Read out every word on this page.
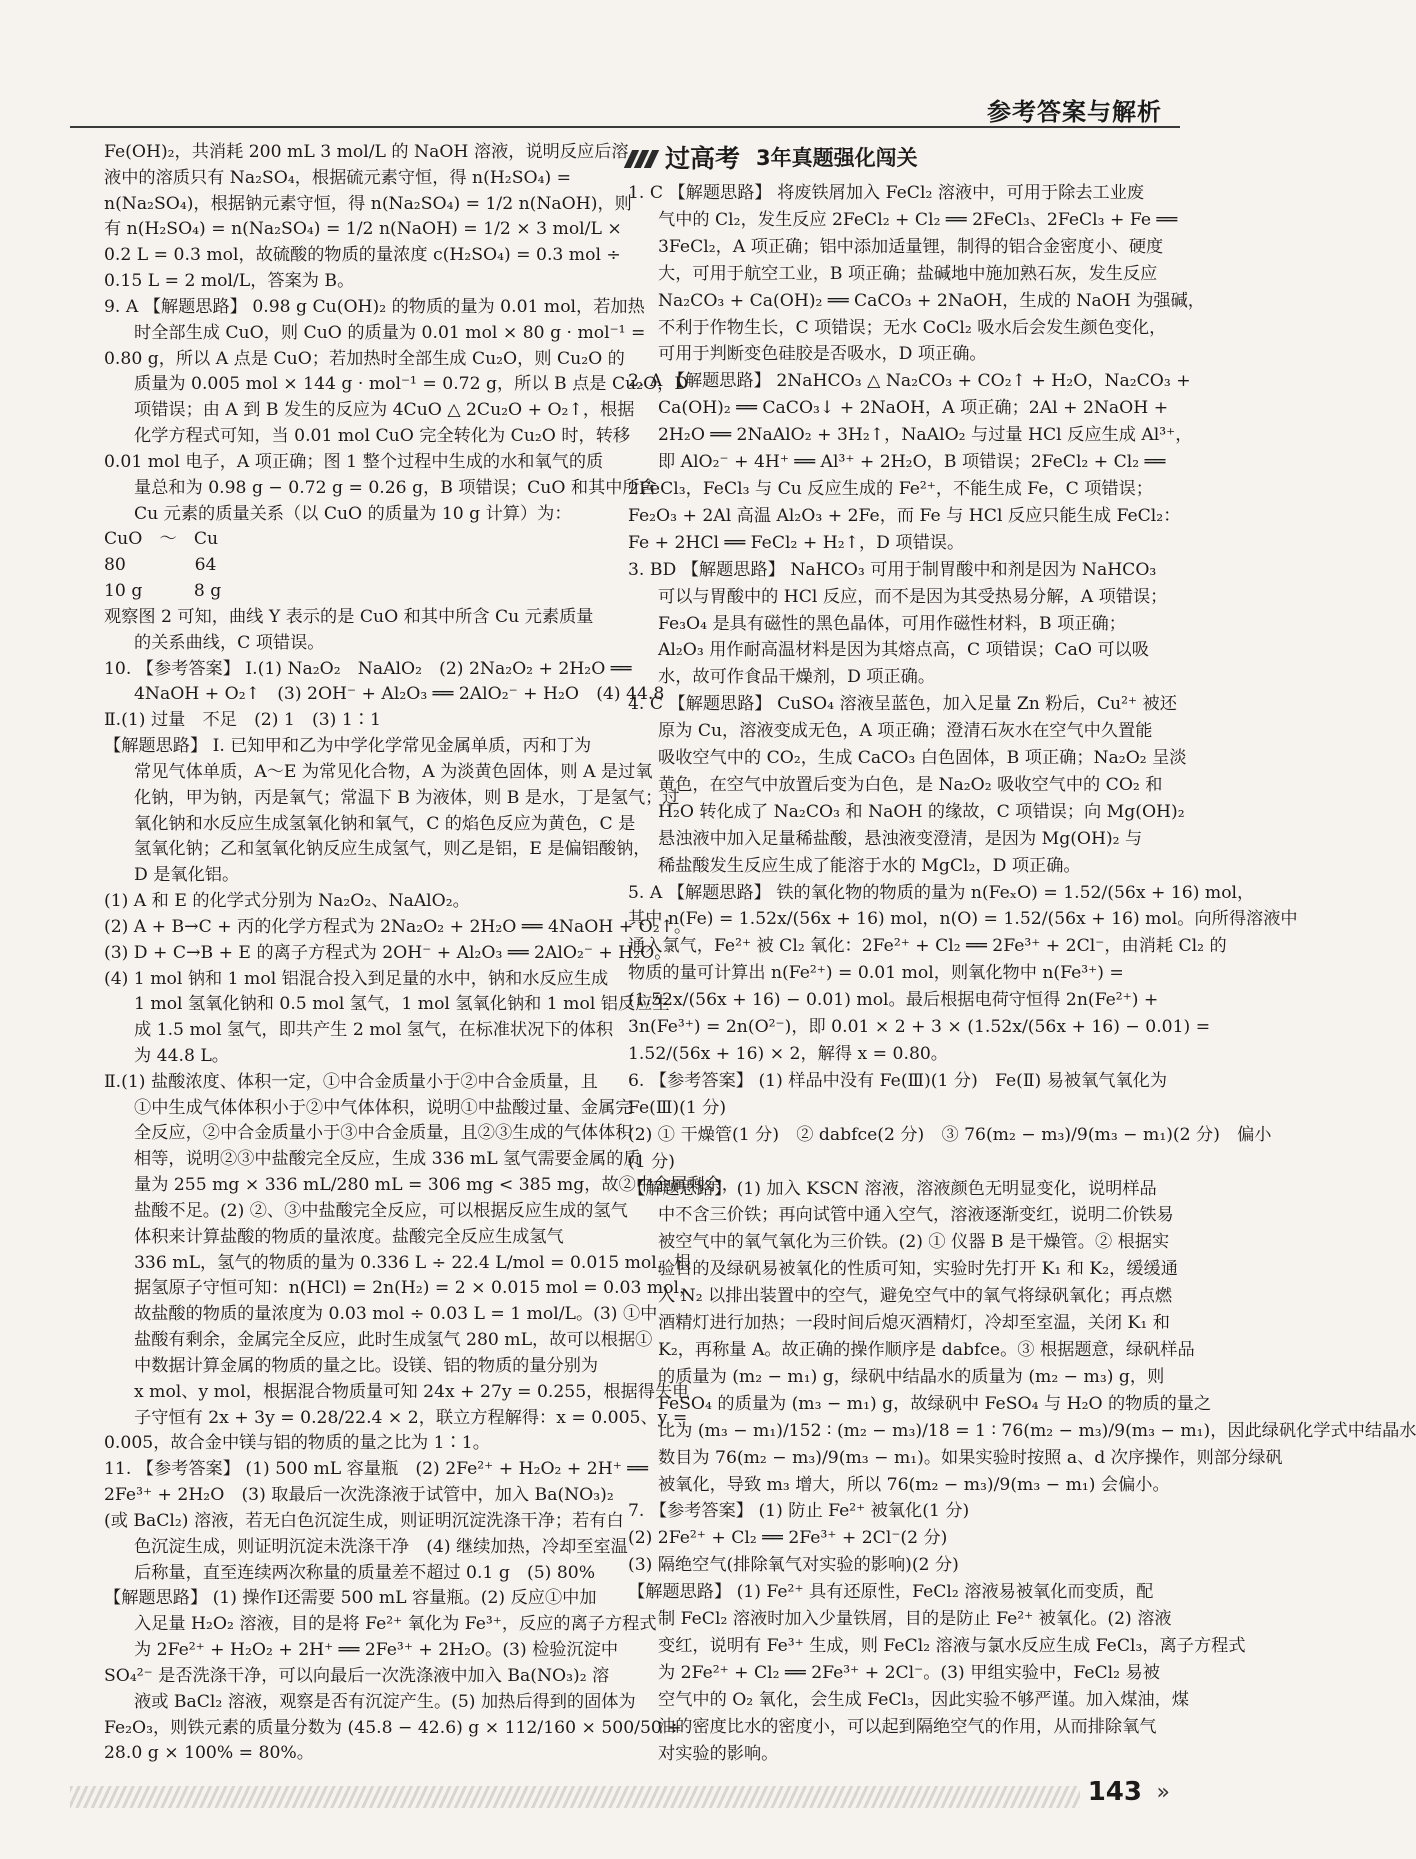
参考答案与解析
Fe(OH)₂，共消耗 200 mL 3 mol/L 的 NaOH 溶液，说明反应后溶
液中的溶质只有 Na₂SO₄，根据硫元素守恒，得 n(H₂SO₄) =
n(Na₂SO₄)，根据钠元素守恒，得 n(Na₂SO₄) = 1/2 n(NaOH)，则
有 n(H₂SO₄) = n(Na₂SO₄) = 1/2 n(NaOH) = 1/2 × 3 mol/L ×
0.2 L = 0.3 mol，故硫酸的物质的量浓度 c(H₂SO₄) = 0.3 mol ÷
0.15 L = 2 mol/L，答案为 B。
9. A 【解题思路】 0.98 g Cu(OH)₂ 的物质的量为 0.01 mol，若加热
时全部生成 CuO，则 CuO 的质量为 0.01 mol × 80 g · mol⁻¹ =
0.80 g，所以 A 点是 CuO；若加热时全部生成 Cu₂O，则 Cu₂O 的
质量为 0.005 mol × 144 g · mol⁻¹ = 0.72 g，所以 B 点是 Cu₂O，D
项错误；由 A 到 B 发生的反应为 4CuO △ 2Cu₂O + O₂↑，根据
化学方程式可知，当 0.01 mol CuO 完全转化为 Cu₂O 时，转移
0.01 mol 电子，A 项正确；图 1 整个过程中生成的水和氧气的质
量总和为 0.98 g − 0.72 g = 0.26 g，B 项错误；CuO 和其中所含
Cu 元素的质量关系（以 CuO 的质量为 10 g 计算）为：
CuO　～　Cu
80　　　　64
10 g　　　8 g
观察图 2 可知，曲线 Y 表示的是 CuO 和其中所含 Cu 元素质量
的关系曲线，C 项错误。
10. 【参考答案】 Ⅰ.(1) Na₂O₂　NaAlO₂　(2) 2Na₂O₂ + 2H₂O ══
4NaOH + O₂↑　(3) 2OH⁻ + Al₂O₃ ══ 2AlO₂⁻ + H₂O　(4) 44.8
Ⅱ.(1) 过量　不足　(2) 1　(3) 1∶1
【解题思路】 Ⅰ. 已知甲和乙为中学化学常见金属单质，丙和丁为
常见气体单质，A～E 为常见化合物，A 为淡黄色固体，则 A 是过氧
化钠，甲为钠，丙是氧气；常温下 B 为液体，则 B 是水，丁是氢气；过
氧化钠和水反应生成氢氧化钠和氧气，C 的焰色反应为黄色，C 是
氢氧化钠；乙和氢氧化钠反应生成氢气，则乙是铝，E 是偏铝酸钠，
D 是氧化铝。
(1) A 和 E 的化学式分别为 Na₂O₂、NaAlO₂。
(2) A + B→C + 丙的化学方程式为 2Na₂O₂ + 2H₂O ══ 4NaOH + O₂↑。
(3) D + C→B + E 的离子方程式为 2OH⁻ + Al₂O₃ ══ 2AlO₂⁻ + H₂O。
(4) 1 mol 钠和 1 mol 铝混合投入到足量的水中，钠和水反应生成
1 mol 氢氧化钠和 0.5 mol 氢气，1 mol 氢氧化钠和 1 mol 铝反应生
成 1.5 mol 氢气，即共产生 2 mol 氢气，在标准状况下的体积
为 44.8 L。
Ⅱ.(1) 盐酸浓度、体积一定，①中合金质量小于②中合金质量，且
①中生成气体体积小于②中气体体积，说明①中盐酸过量、金属完
全反应，②中合金质量小于③中合金质量，且②③生成的气体体积
相等，说明②③中盐酸完全反应，生成 336 mL 氢气需要金属的质
量为 255 mg × 336 mL/280 mL = 306 mg < 385 mg，故②中金属剩余，
盐酸不足。(2) ②、③中盐酸完全反应，可以根据反应生成的氢气
体积来计算盐酸的物质的量浓度。盐酸完全反应生成氢气
336 mL，氢气的物质的量为 0.336 L ÷ 22.4 L/mol = 0.015 mol，根
据氢原子守恒可知：n(HCl) = 2n(H₂) = 2 × 0.015 mol = 0.03 mol，
故盐酸的物质的量浓度为 0.03 mol ÷ 0.03 L = 1 mol/L。(3) ①中
盐酸有剩余，金属完全反应，此时生成氢气 280 mL，故可以根据①
中数据计算金属的物质的量之比。设镁、铝的物质的量分别为
x mol、y mol，根据混合物质量可知 24x + 27y = 0.255，根据得失电
子守恒有 2x + 3y = 0.28/22.4 × 2，联立方程解得：x = 0.005、y =
0.005，故合金中镁与铝的物质的量之比为 1∶1。
11. 【参考答案】 (1) 500 mL 容量瓶　(2) 2Fe²⁺ + H₂O₂ + 2H⁺ ══
2Fe³⁺ + 2H₂O　(3) 取最后一次洗涤液于试管中，加入 Ba(NO₃)₂
(或 BaCl₂) 溶液，若无白色沉淀生成，则证明沉淀洗涤干净；若有白
色沉淀生成，则证明沉淀未洗涤干净　(4) 继续加热，冷却至室温
后称量，直至连续两次称量的质量差不超过 0.1 g　(5) 80%
【解题思路】 (1) 操作Ⅰ还需要 500 mL 容量瓶。(2) 反应①中加
入足量 H₂O₂ 溶液，目的是将 Fe²⁺ 氧化为 Fe³⁺，反应的离子方程式
为 2Fe²⁺ + H₂O₂ + 2H⁺ ══ 2Fe³⁺ + 2H₂O。(3) 检验沉淀中
SO₄²⁻ 是否洗涤干净，可以向最后一次洗涤液中加入 Ba(NO₃)₂ 溶
液或 BaCl₂ 溶液，观察是否有沉淀产生。(5) 加热后得到的固体为
Fe₂O₃，则铁元素的质量分数为 (45.8 − 42.6) g × 112/160 × 500/50 ÷
28.0 g × 100% = 80%。
过高考 3年真题强化闯关
1. C 【解题思路】 将废铁屑加入 FeCl₂ 溶液中，可用于除去工业废
气中的 Cl₂，发生反应 2FeCl₂ + Cl₂ ══ 2FeCl₃、2FeCl₃ + Fe ══
3FeCl₂，A 项正确；铝中添加适量锂，制得的铝合金密度小、硬度
大，可用于航空工业，B 项正确；盐碱地中施加熟石灰，发生反应
Na₂CO₃ + Ca(OH)₂ ══ CaCO₃ + 2NaOH，生成的 NaOH 为强碱，
不利于作物生长，C 项错误；无水 CoCl₂ 吸水后会发生颜色变化，
可用于判断变色硅胶是否吸水，D 项正确。
2. A 【解题思路】 2NaHCO₃ △ Na₂CO₃ + CO₂↑ + H₂O，Na₂CO₃ +
Ca(OH)₂ ══ CaCO₃↓ + 2NaOH，A 项正确；2Al + 2NaOH +
2H₂O ══ 2NaAlO₂ + 3H₂↑，NaAlO₂ 与过量 HCl 反应生成 Al³⁺，
即 AlO₂⁻ + 4H⁺ ══ Al³⁺ + 2H₂O，B 项错误；2FeCl₂ + Cl₂ ══
2FeCl₃，FeCl₃ 与 Cu 反应生成的 Fe²⁺，不能生成 Fe，C 项错误；
Fe₂O₃ + 2Al 高温 Al₂O₃ + 2Fe，而 Fe 与 HCl 反应只能生成 FeCl₂：
Fe + 2HCl ══ FeCl₂ + H₂↑，D 项错误。
3. BD 【解题思路】 NaHCO₃ 可用于制胃酸中和剂是因为 NaHCO₃
可以与胃酸中的 HCl 反应，而不是因为其受热易分解，A 项错误；
Fe₃O₄ 是具有磁性的黑色晶体，可用作磁性材料，B 项正确；
Al₂O₃ 用作耐高温材料是因为其熔点高，C 项错误；CaO 可以吸
水，故可作食品干燥剂，D 项正确。
4. C 【解题思路】 CuSO₄ 溶液呈蓝色，加入足量 Zn 粉后，Cu²⁺ 被还
原为 Cu，溶液变成无色，A 项正确；澄清石灰水在空气中久置能
吸收空气中的 CO₂，生成 CaCO₃ 白色固体，B 项正确；Na₂O₂ 呈淡
黄色，在空气中放置后变为白色，是 Na₂O₂ 吸收空气中的 CO₂ 和
H₂O 转化成了 Na₂CO₃ 和 NaOH 的缘故，C 项错误；向 Mg(OH)₂
悬浊液中加入足量稀盐酸，悬浊液变澄清，是因为 Mg(OH)₂ 与
稀盐酸发生反应生成了能溶于水的 MgCl₂，D 项正确。
5. A 【解题思路】 铁的氧化物的物质的量为 n(FeₓO) = 1.52/(56x + 16) mol，
其中 n(Fe) = 1.52x/(56x + 16) mol，n(O) = 1.52/(56x + 16) mol。向所得溶液中
通入氯气，Fe²⁺ 被 Cl₂ 氧化：2Fe²⁺ + Cl₂ ══ 2Fe³⁺ + 2Cl⁻，由消耗 Cl₂ 的
物质的量可计算出 n(Fe²⁺) = 0.01 mol，则氧化物中 n(Fe³⁺) =
(1.52x/(56x + 16) − 0.01) mol。最后根据电荷守恒得 2n(Fe²⁺) +
3n(Fe³⁺) = 2n(O²⁻)，即 0.01 × 2 + 3 × (1.52x/(56x + 16) − 0.01) =
1.52/(56x + 16) × 2，解得 x = 0.80。
6. 【参考答案】 (1) 样品中没有 Fe(Ⅲ)(1 分)　Fe(Ⅱ) 易被氧气氧化为
Fe(Ⅲ)(1 分)
(2) ① 干燥管(1 分)　② dabfce(2 分)　③ 76(m₂ − m₃)/9(m₃ − m₁)(2 分)　偏小
(1 分)
【解题思路】 (1) 加入 KSCN 溶液，溶液颜色无明显变化，说明样品
中不含三价铁；再向试管中通入空气，溶液逐渐变红，说明二价铁易
被空气中的氧气氧化为三价铁。(2) ① 仪器 B 是干燥管。② 根据实
验目的及绿矾易被氧化的性质可知，实验时先打开 K₁ 和 K₂，缓缓通
入 N₂ 以排出装置中的空气，避免空气中的氧气将绿矾氧化；再点燃
酒精灯进行加热；一段时间后熄灭酒精灯，冷却至室温，关闭 K₁ 和
K₂，再称量 A。故正确的操作顺序是 dabfce。③ 根据题意，绿矾样品
的质量为 (m₂ − m₁) g，绿矾中结晶水的质量为 (m₂ − m₃) g，则
FeSO₄ 的质量为 (m₃ − m₁) g，故绿矾中 FeSO₄ 与 H₂O 的物质的量之
比为 (m₃ − m₁)/152 ∶ (m₂ − m₃)/18 = 1 ∶ 76(m₂ − m₃)/9(m₃ − m₁)，因此绿矾化学式中结晶水
数目为 76(m₂ − m₃)/9(m₃ − m₁)。如果实验时按照 a、d 次序操作，则部分绿矾
被氧化，导致 m₃ 增大，所以 76(m₂ − m₃)/9(m₃ − m₁) 会偏小。
7. 【参考答案】 (1) 防止 Fe²⁺ 被氧化(1 分)
(2) 2Fe²⁺ + Cl₂ ══ 2Fe³⁺ + 2Cl⁻(2 分)
(3) 隔绝空气(排除氧气对实验的影响)(2 分)
【解题思路】 (1) Fe²⁺ 具有还原性，FeCl₂ 溶液易被氧化而变质，配
制 FeCl₂ 溶液时加入少量铁屑，目的是防止 Fe²⁺ 被氧化。(2) 溶液
变红，说明有 Fe³⁺ 生成，则 FeCl₂ 溶液与氯水反应生成 FeCl₃，离子方程式
为 2Fe²⁺ + Cl₂ ══ 2Fe³⁺ + 2Cl⁻。(3) 甲组实验中，FeCl₂ 易被
空气中的 O₂ 氧化，会生成 FeCl₃，因此实验不够严谨。加入煤油，煤
油的密度比水的密度小，可以起到隔绝空气的作用，从而排除氧气
对实验的影响。
143 »
